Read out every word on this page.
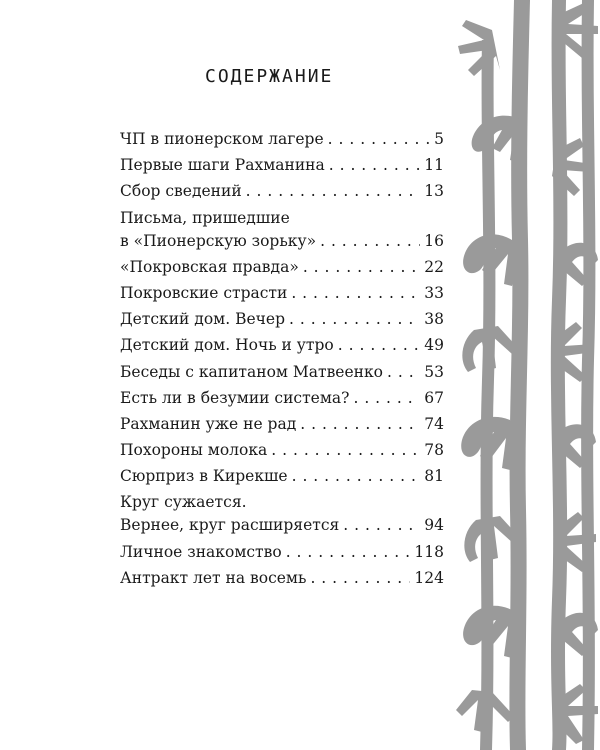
СОДЕРЖАНИЕ
ЧП в пионерском лагере . . .	5
Первые шаги Рахманина . . .	11
Сбор сведений . . .	13
Письма, пришедшие
в «Пионерскую зорьку» . . .	16
«Покровская правда» . . .	22
Покровские страсти . . .	33
Детский дом. Вечер . . .	38
Детский дом. Ночь и утро . . .	49
Беседы с капитаном Матвеенко . . .	53
Есть ли в безумии система? . . .	67
Рахманин уже не рад . . .	74
Похороны молока . . .	78
Сюрприз в Кирекше . . .	81
Круг сужается.
Вернее, круг расширяется . . .	94
Личное знакомство . . .	118
Антракт лет на восемь . . .	124
